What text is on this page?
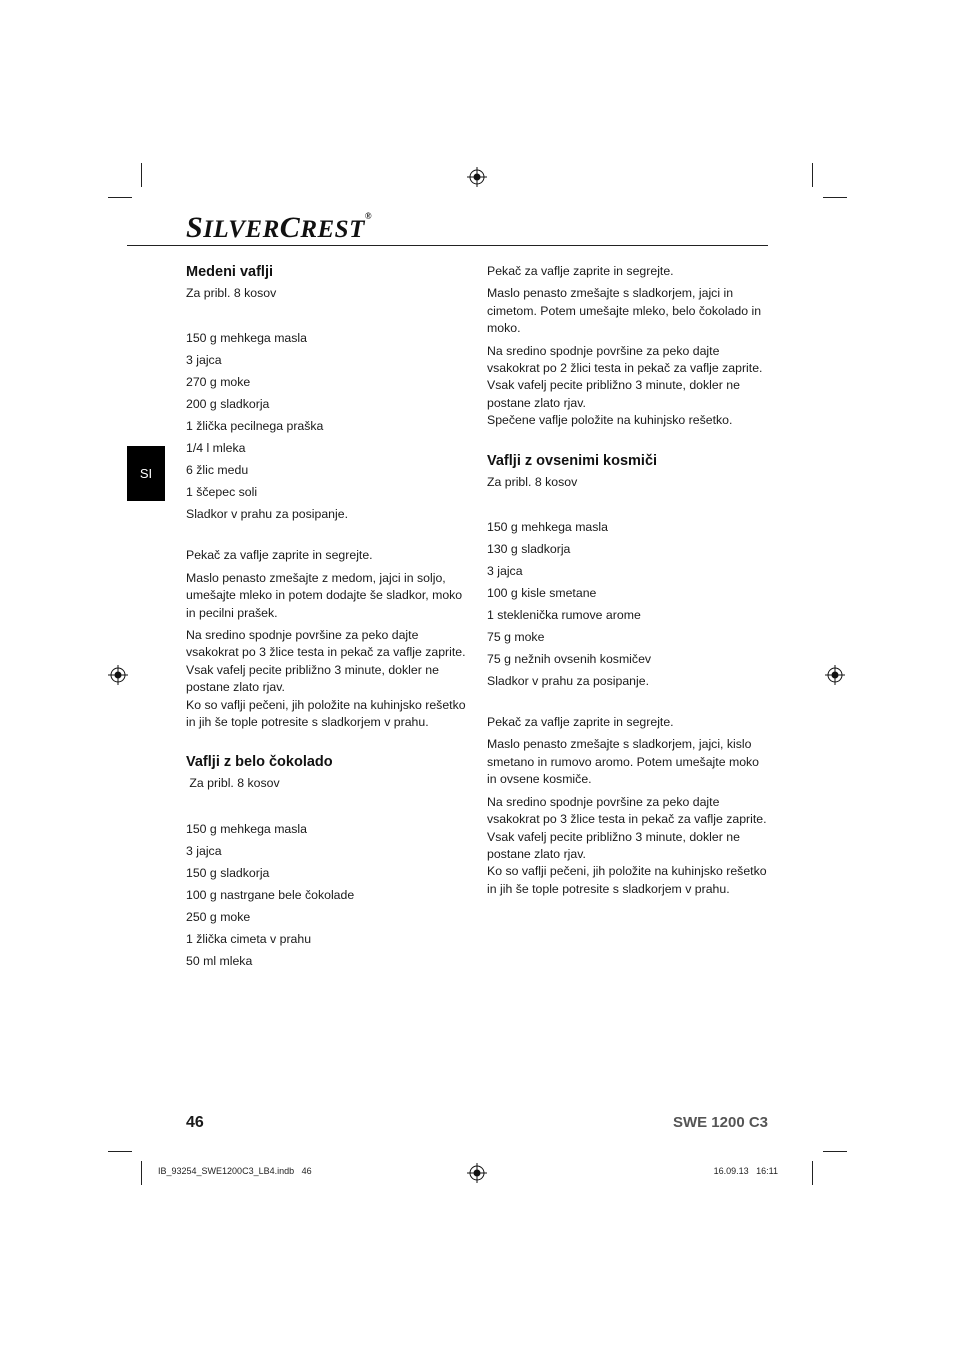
SILVERCREST®
SI
Medeni vaflji

Za pribl. 8 kosov

150 g mehkega masla

3 jajca

270 g moke

200 g sladkorja

1 žlička pecilnega praška

1/4 l mleka

6 žlic medu

1 ščepec soli

Sladkor v prahu za posipanje.

Pekač za vaflje zaprite in segrejte.

Maslo penasto zmešajte z medom, jajci in soljo, umešajte mleko in potem dodajte še sladkor, moko in pecilni prašek.

Na sredino spodnje površine za peko dajte vsakokrat po 3 žlice testa in pekač za vaflje zaprite. Vsak vafelj pecite približno 3 minute, dokler ne postane zlato rjav.

Ko so vaflji pečeni, jih položite na kuhinjsko rešetko in jih še tople potresite s sladkorjem v prahu.

Vaflji z belo čokolado

Za pribl. 8 kosov

150 g mehkega masla

3 jajca

150 g sladkorja

100 g nastrgane bele čokolade

250 g moke

1 žlička cimeta v prahu

50 ml mleka

Pekač za vaflje zaprite in segrejte.

Maslo penasto zmešajte s sladkorjem, jajci in cimetom. Potem umešajte mleko, belo čokolado in moko.

Na sredino spodnje površine za peko dajte vsakokrat po 2 žlici testa in pekač za vaflje zaprite. Vsak vafelj pecite približno 3 minute, dokler ne postane zlato rjav.

Spečene vaflje položite na kuhinjsko rešetko.

Vaflji z ovsenimi kosmiči

Za pribl. 8 kosov

150 g mehkega masla

130 g sladkorja

3 jajca

100 g kisle smetane

1 steklenička rumove arome

75 g moke

75 g nežnih ovsenih kosmičev

Sladkor v prahu za posipanje.

Pekač za vaflje zaprite in segrejte.

Maslo penasto zmešajte s sladkorjem, jajci, kislo smetano in rumovo aromo. Potem umešajte moko in ovsene kosmiče.

Na sredino spodnje površine za peko dajte vsakokrat po 3 žlice testa in pekač za vaflje zaprite. Vsak vafelj pecite približno 3 minute, dokler ne postane zlato rjav.

Ko so vaflji pečeni, jih položite na kuhinjsko rešetko in jih še tople potresite s sladkorjem v prahu.

46	SWE 1200 C3
IB_93254_SWE1200C3_LB4.indb   46	16.09.13   16:11
